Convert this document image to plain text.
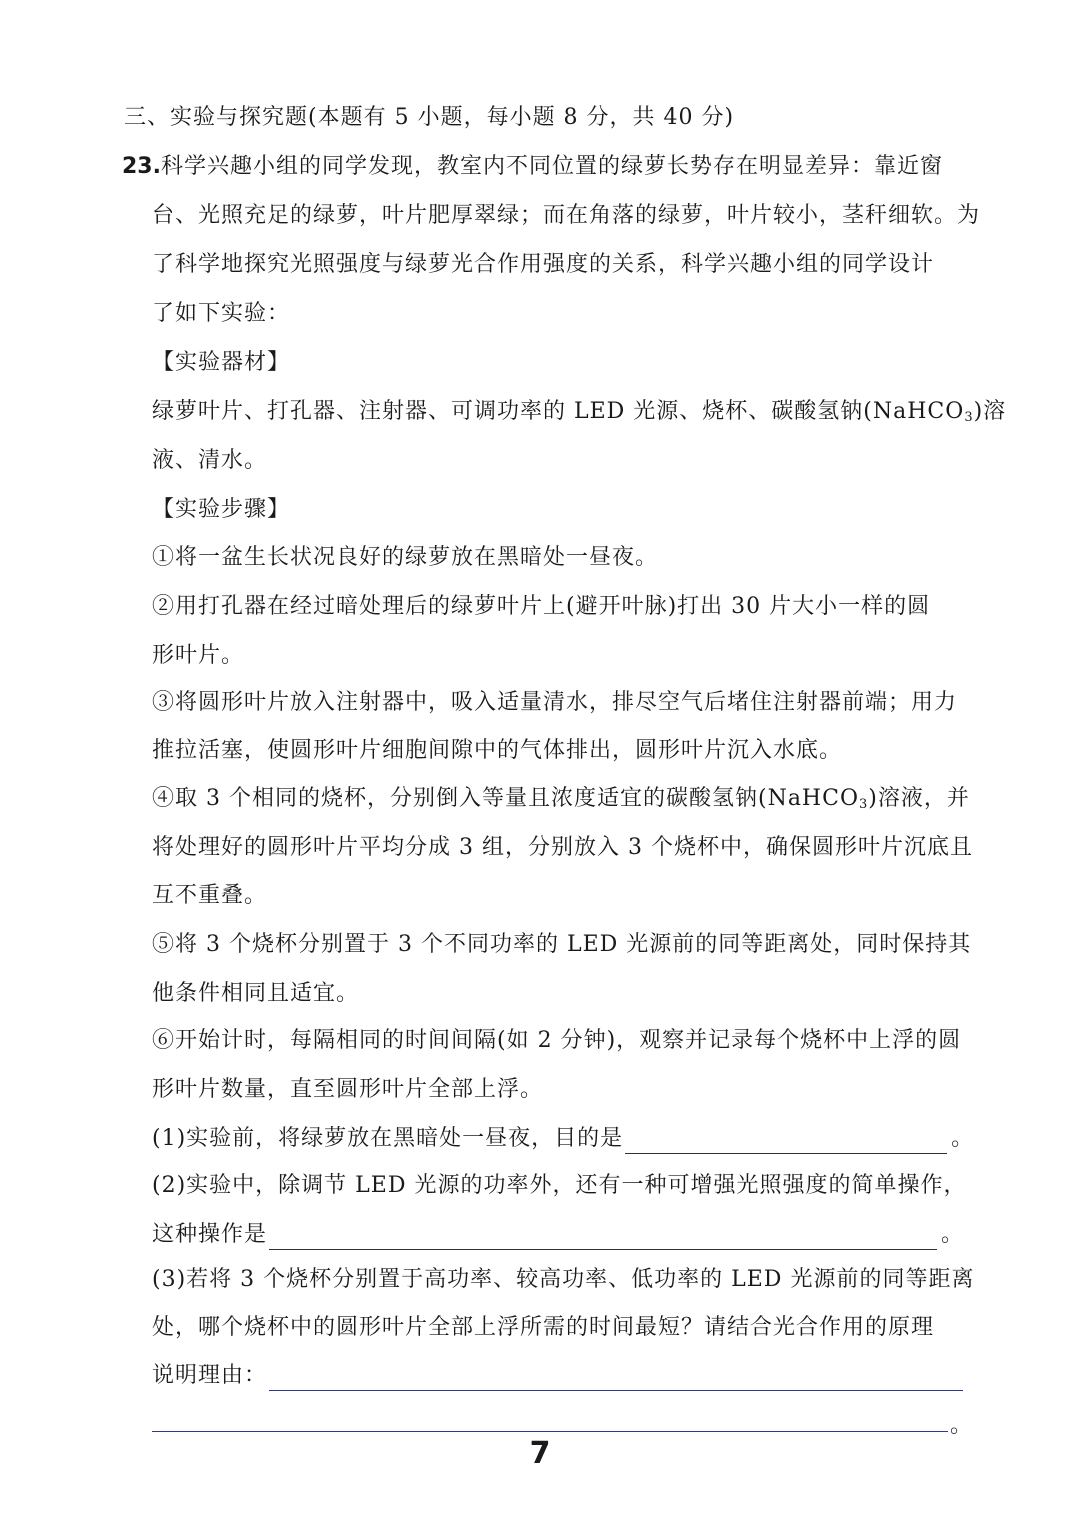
三、实验与探究题(本题有 5 小题，每小题 8 分，共 40 分)
23.科学兴趣小组的同学发现，教室内不同位置的绿萝长势存在明显差异：靠近窗
台、光照充足的绿萝，叶片肥厚翠绿；而在角落的绿萝，叶片较小，茎秆细软。为
了科学地探究光照强度与绿萝光合作用强度的关系，科学兴趣小组的同学设计
了如下实验：
【实验器材】
绿萝叶片、打孔器、注射器、可调功率的 LED 光源、烧杯、碳酸氢钠(NaHCO$_3$)溶
液、清水。
【实验步骤】
①将一盆生长状况良好的绿萝放在黑暗处一昼夜。
②用打孔器在经过暗处理后的绿萝叶片上(避开叶脉)打出 30 片大小一样的圆
形叶片。
③将圆形叶片放入注射器中，吸入适量清水，排尽空气后堵住注射器前端；用力
推拉活塞，使圆形叶片细胞间隙中的气体排出，圆形叶片沉入水底。
④取 3 个相同的烧杯，分别倒入等量且浓度适宜的碳酸氢钠(NaHCO$_3$)溶液，并
将处理好的圆形叶片平均分成 3 组，分别放入 3 个烧杯中，确保圆形叶片沉底且
互不重叠。
⑤将 3 个烧杯分别置于 3 个不同功率的 LED 光源前的同等距离处，同时保持其
他条件相同且适宜。
⑥开始计时，每隔相同的时间间隔(如 2 分钟)，观察并记录每个烧杯中上浮的圆
形叶片数量，直至圆形叶片全部上浮。
(1)实验前，将绿萝放在黑暗处一昼夜，目的是	。
(2)实验中，除调节 LED 光源的功率外，还有一种可增强光照强度的简单操作，
这种操作是	。
(3)若将 3 个烧杯分别置于高功率、较高功率、低功率的 LED 光源前的同等距离
处，哪个烧杯中的圆形叶片全部上浮所需的时间最短？请结合光合作用的原理
说明理由：
。
7
